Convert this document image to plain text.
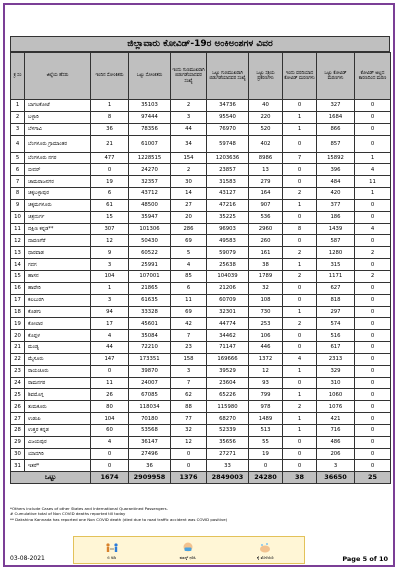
ಜಿಲ್ಲಾವಾರು ಕೋವಿಡ್-19ರ ಅಂಕಿಅಂಶಗಳ ವಿವರ
ಕ್ರ ಸಂ	ಜಿಲ್ಲೆಯ ಹೆಸರು	ಇಂದಿನ ಸೋಂಕಿತರು	ಒಟ್ಟು ಸೋಂಕಿತರು	ಇಂದು ಗುಣಮುಖರಾಗಿ ಬಿಡುಗಡೆಯಾದವರ ಸಂಖ್ಯೆ	ಒಟ್ಟು ಗುಣಮುಖರಾಗಿ ಬಿಡುಗಡೆಯಾದವರ ಸಂಖ್ಯೆ	ಒಟ್ಟು ಸಕ್ರಿಯ ಪ್ರಕರಣಗಳು	ಇಂದು ವರದಿಯಾದ ಕೋವಿಡ್ ಮರಣಗಳು	ಒಟ್ಟು ಕೋವಿಡ್ ಮರಣಗಳು	ಕೋವಿಡ್ ಅಲ್ಲದ ಕಾರಣದಿಂದ ಮರಣ
1	ಬಾಗಲಕೋಟೆ	1	35103	2	34736	40	0	327	0
2	ಬಳ್ಳಾರಿ	8	97444	3	95540	220	1	1684	0
3	ಬೆಳಗಾವಿ	36	78356	44	76970	520	1	866	0
4	ಬೆಂಗಳೂರು ಗ್ರಾಮಾಂತರ	21	61007	34	59748	402	0	857	0
5	ಬೆಂಗಳೂರು ನಗರ	477	1228515	154	1203636	8986	7	15892	1
6	ಬೀದರ್	0	24270	2	23857	13	0	396	4
7	ಚಾಮರಾಜನಗರ	19	32357	30	31583	279	0	484	11
8	ಚಿಕ್ಕಬಳ್ಳಾಪುರ	6	43712	14	43127	164	2	420	1
9	ಚಿಕ್ಕಮಗಳೂರು	61	48500	27	47216	907	1	377	0
10	ಚಿತ್ರದುರ್ಗ	15	35947	20	35225	536	0	186	0
11	ದಕ್ಷಿಣ ಕನ್ನಡ**	307	101306	286	96903	2960	8	1439	4
12	ದಾವಣಗೆರೆ	12	50430	69	49583	260	0	587	0
13	ಧಾರವಾಡ	9	60522	5	59079	161	2	1280	2
14	ಗದಗ	3	25991	4	25638	38	1	315	0
15	ಹಾಸನ	104	107001	85	104039	1789	2	1171	2
16	ಹಾವೇರಿ	1	21865	6	21206	32	0	627	0
17	ಕಲಬುರಗಿ	3	61635	11	60709	108	0	818	0
18	ಕೊಡಗು	94	33328	69	32301	730	1	297	0
19	ಕೋಲಾರ	17	45601	42	44774	253	2	574	0
20	ಕೊಪ್ಪಳ	4	35084	7	34462	106	0	516	0
21	ಮಂಡ್ಯ	44	72210	23	71147	446	0	617	0
22	ಮೈಸೂರು	147	173351	158	169666	1372	4	2313	0
23	ರಾಯಚೂರು	0	39870	3	39529	12	1	329	0
24	ರಾಮನಗರ	11	24007	7	23604	93	0	310	0
25	ಶಿವಮೊಗ್ಗ	26	67085	62	65226	799	1	1060	0
26	ತುಮಕೂರು	80	118034	88	115980	978	2	1076	0
27	ಉಡುಪಿ	104	70180	77	68270	1489	1	421	0
28	ಉತ್ತರ ಕನ್ನಡ	60	53568	32	52339	513	1	716	0
29	ವಿಜಯಪುರ	4	36147	12	35656	55	0	486	0
30	ಯಾದಗಿರಿ	0	27496	0	27271	19	0	206	0
31	ಇತರೆ*	0	36	0	33	0	0	3	0
ಒಟ್ಟು		1674	2909958	1376	2849003	24280	38	36650	25
*Others include Cases of other States and International Quarantined Passengers.
# Cumulative total of Non COVID deaths reported till today
** Dakshina Kannada has reported one Non COVID death (died due to road traffic accident was COVID positive)
6 ಅಡಿ	ಮಾಸ್ಕ್ ಧರಿಸಿ	ಕೈ ತೊಳೆಯಿರಿ
03-08-2021	Page 5 of 10
